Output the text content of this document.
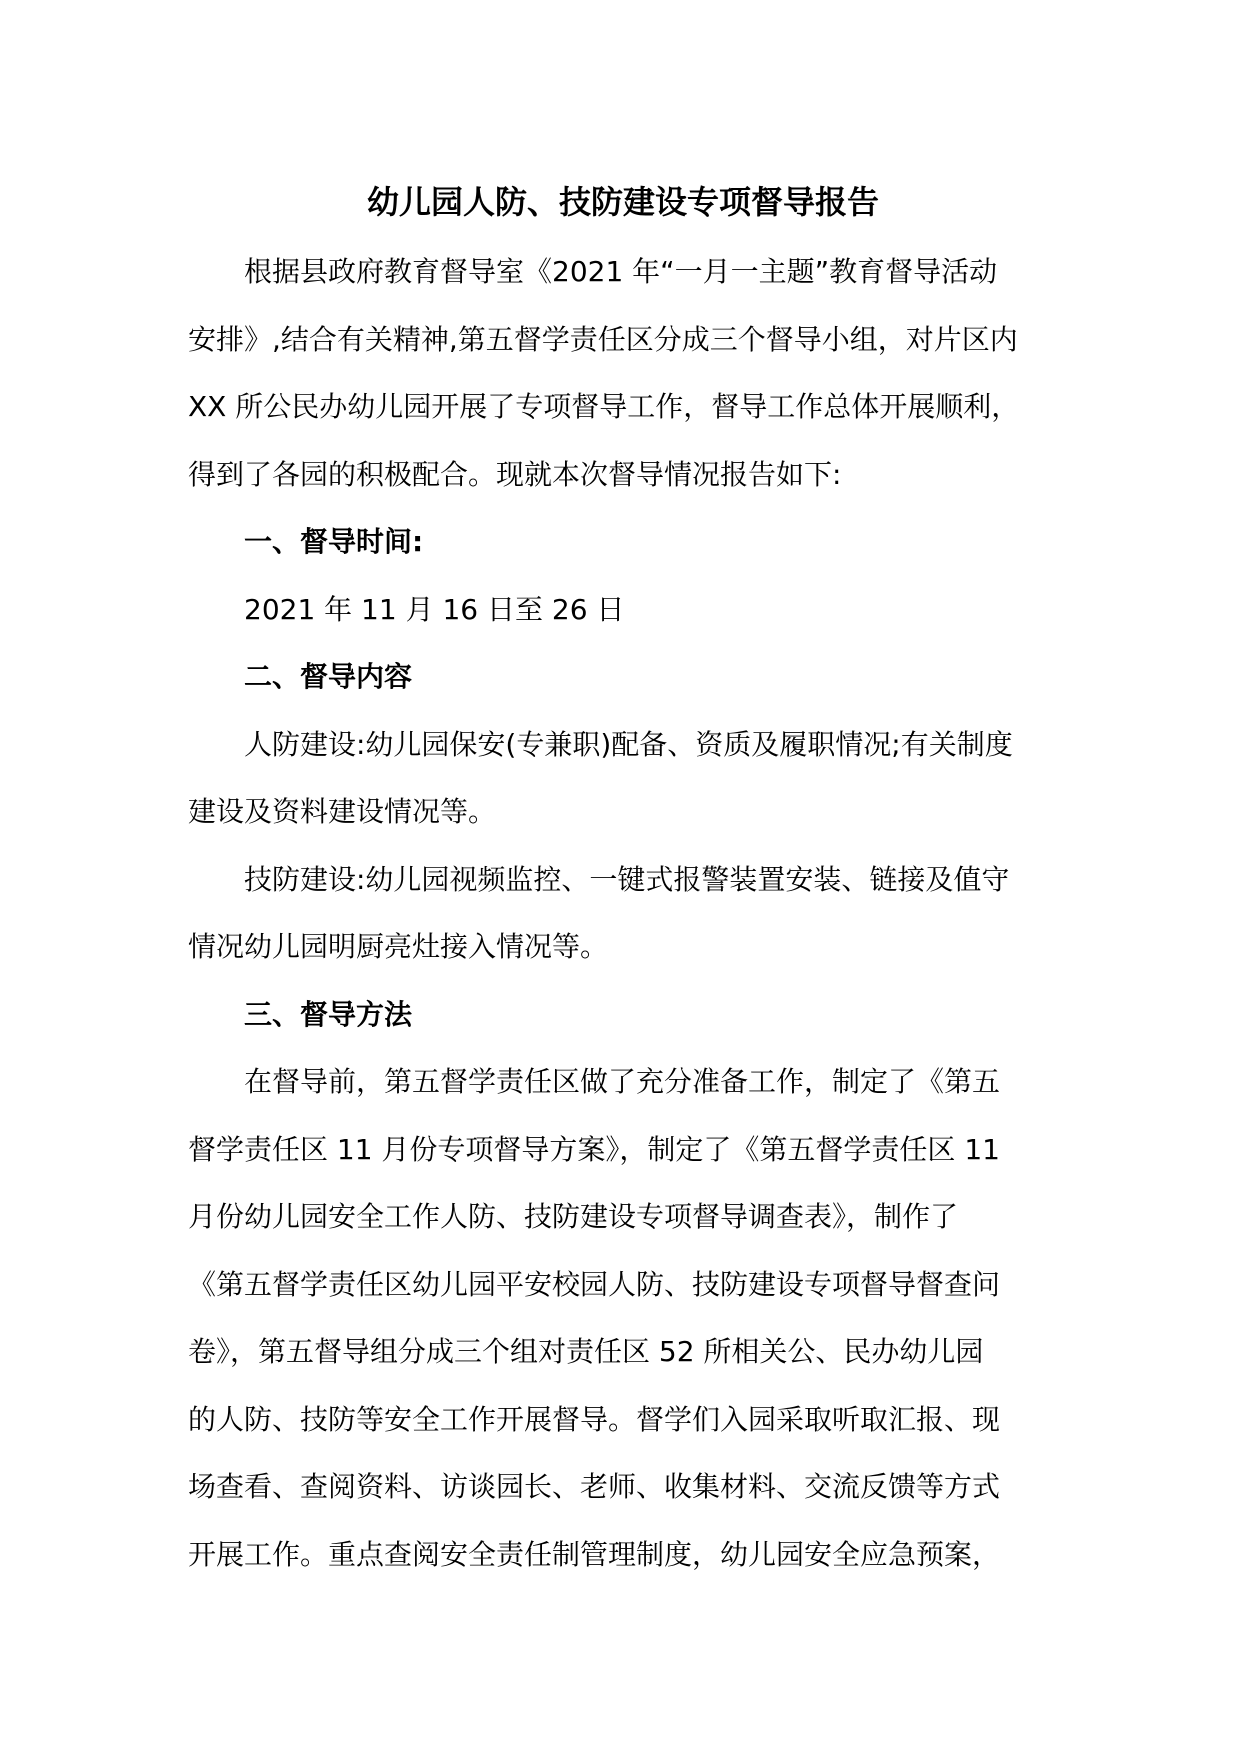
幼儿园人防、技防建设专项督导报告
根据县政府教育督导室《2021 年“一月一主题”教育督导活动
安排》,结合有关精神,第五督学责任区分成三个督导小组，对片区内
XX 所公民办幼儿园开展了专项督导工作，督导工作总体开展顺利，
得到了各园的积极配合。现就本次督导情况报告如下:
一、督导时间:
2021 年 11 月 16 日至 26 日
二、督导内容
人防建设:幼儿园保安(专兼职)配备、资质及履职情况;有关制度
建设及资料建设情况等。
技防建设:幼儿园视频监控、一键式报警装置安装、链接及值守
情况幼儿园明厨亮灶接入情况等。
三、督导方法
在督导前，第五督学责任区做了充分准备工作，制定了《第五
督学责任区 11 月份专项督导方案》，制定了《第五督学责任区 11
月份幼儿园安全工作人防、技防建设专项督导调查表》，制作了
《第五督学责任区幼儿园平安校园人防、技防建设专项督导督查问
卷》，第五督导组分成三个组对责任区 52 所相关公、民办幼儿园
的人防、技防等安全工作开展督导。督学们入园采取听取汇报、现
场查看、查阅资料、访谈园长、老师、收集材料、交流反馈等方式
开展工作。重点查阅安全责任制管理制度，幼儿园安全应急预案，
